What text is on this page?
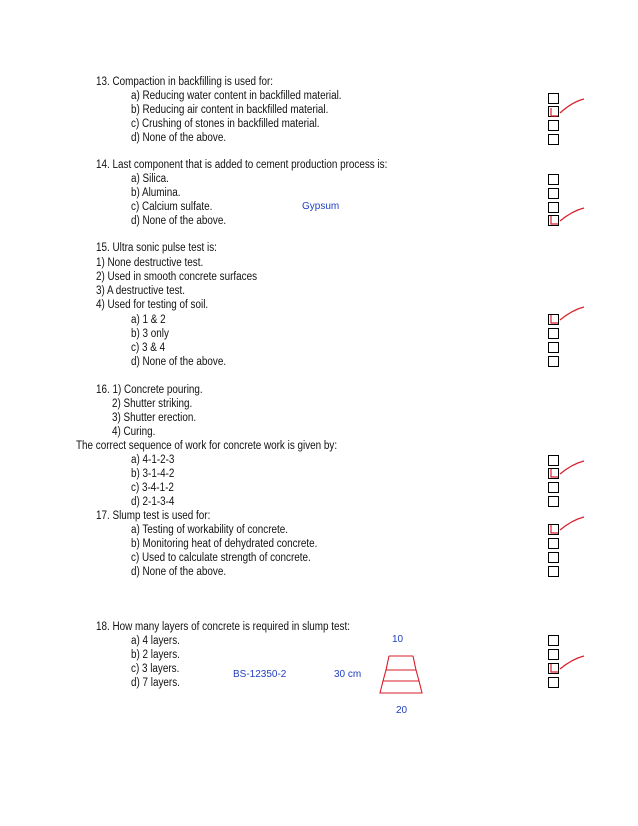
13. Compaction in backfilling is used for:
a) Reducing water content in backfilled material.
b) Reducing air content in backfilled material.
c) Crushing of stones in backfilled material.
d) None of the above.
14. Last component that is added to cement production process is:
a) Silica.
b) Alumina.
c) Calcium sulfate.
d) None of the above.
Gypsum
15. Ultra sonic pulse test is:
1) None destructive test.
2) Used in smooth concrete surfaces
3) A destructive test.
4) Used for testing of soil.
a) 1 & 2
b) 3 only
c) 3 & 4
d) None of the above.
16. 1) Concrete pouring.
2) Shutter striking.
3) Shutter erection.
4) Curing.
The correct sequence of work for concrete work is given by:
a) 4-1-2-3
b) 3-1-4-2
c) 3-4-1-2
d) 2-1-3-4
17. Slump test is used for:
a) Testing of workability of concrete.
b) Monitoring heat of dehydrated concrete.
c) Used to calculate strength of concrete.
d) None of the above.
18. How many layers of concrete is required in slump test:
a) 4 layers.
b) 2 layers.
c) 3 layers.
d) 7 layers.
10
BS-12350-2	30 cm
20
